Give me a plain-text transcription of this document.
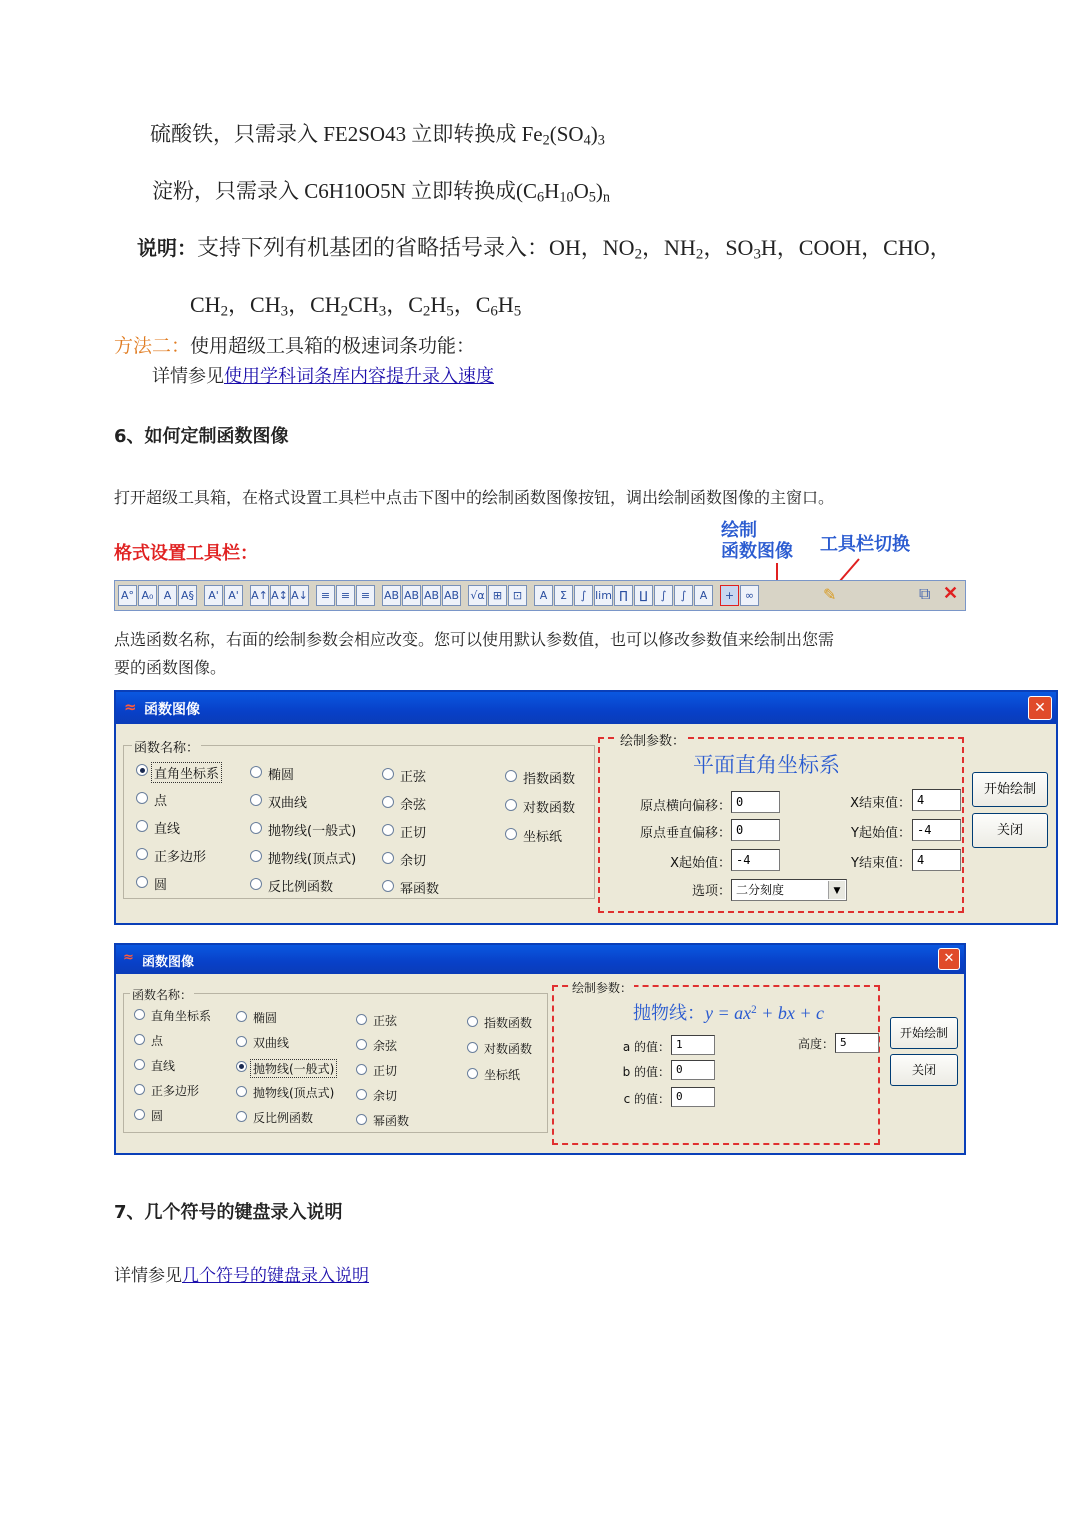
硫酸铁，只需录入 FE2SO43 立即转换成 $Fe_2(SO_4)_3$
淀粉，只需录入 C6H10O5N 立即转换成$(C_6H_{10}O_5)_n$
说明：支持下列有机基团的省略括号录入：OH，$NO_2$，$NH_2$，$SO_3H$，COOH，CHO，
$CH_2$，$CH_3$，$CH_2CH_3$，$C_2H_5$，$C_6H_5$
方法二：使用超级工具箱的极速词条功能：
详情参见使用学科词条库内容提升录入速度
6、如何定制函数图像
打开超级工具箱，在格式设置工具栏中点击下图中的绘制函数图像按钮，调出绘制函数图像的主窗口。
格式设置工具栏：
绘制
函数图像 工具栏切换
A° A₀ A A§	A' A'	A↑ A↕ A↓	≡ ≡ ≡	AB AB AB AB √α ⊞ ⊡	A	Σ	∫ lim ∏	∐	∫	∫	A	+ ∞	✎	⧉ ✕
点选函数名称，右面的绘制参数会相应改变。您可以使用默认参数值，也可以修改参数值来绘制出您需
要的函数图像。
≈ 函数图像	✕
函数名称：
直角坐标系
点
直线
正多边形
圆
椭圆
双曲线
抛物线(一般式)
抛物线(顶点式)
反比例函数
正弦
余弦
正切
余切
幂函数
指数函数
对数函数
坐标纸
绘制参数：
平面直角坐标系
原点横向偏移： 0
原点垂直偏移： 0
X起始值： -4
选项： 二分刻度	▼
X结束值： 4
Y起始值： -4
Y结束值： 4
开始绘制
关闭
≈ 函数图像	✕
函数名称：
直角坐标系
点
直线
正多边形
圆
椭圆
双曲线
抛物线(一般式)
抛物线(顶点式)
反比例函数
正弦
余弦
正切
余切
幂函数
指数函数
对数函数
坐标纸
绘制参数：
抛物线：$y = ax^2$ + bx + c
a 的值： 1
b 的值： 0
c 的值： 0
高度： 5
开始绘制
关闭
7、几个符号的键盘录入说明
详情参见几个符号的键盘录入说明
